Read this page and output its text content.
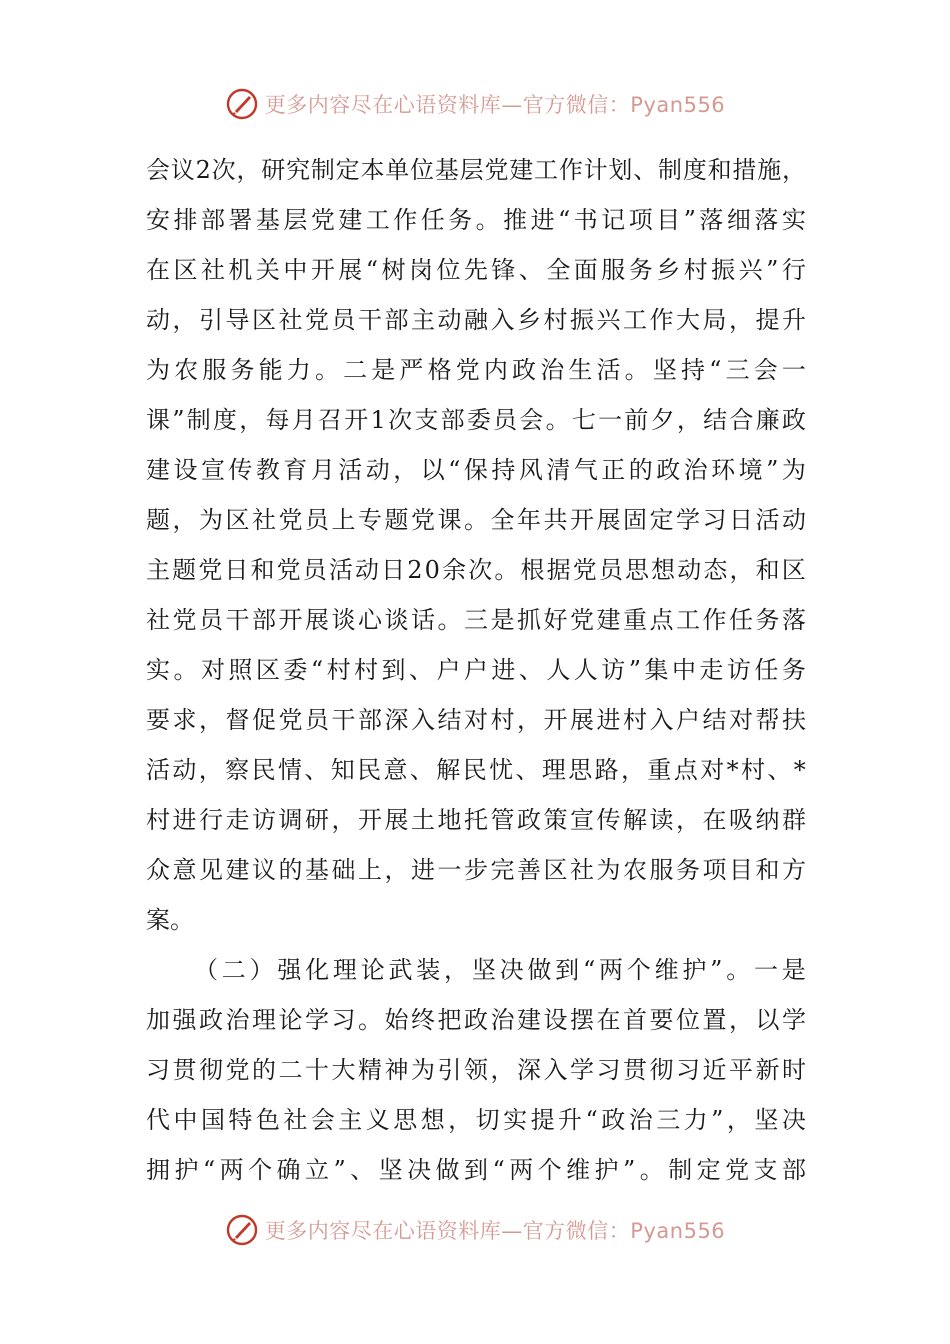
更多内容尽在心语资料库—官方微信：Pyan556
会 议 2 次 ， 研 究 制 定 本 单 位 基 层 党 建 工 作 计 划 、 制 度 和 措 施 ，
安 排 部 署 基 层 党 建 工 作 任 务 。 推 进 “ 书 记 项 目 ” 落 细 落 实
在 区 社 机 关 中 开 展 “ 树 岗 位 先 锋 、 全 面 服 务 乡 村 振 兴 ” 行
动 ， 引 导 区 社 党 员 干 部 主 动 融 入 乡 村 振 兴 工 作 大 局 ， 提 升
为 农 服 务 能 力 。 二 是 严 格 党 内 政 治 生 活 。 坚 持 “ 三 会 一
课 ” 制 度 ， 每 月 召 开 1 次 支 部 委 员 会 。 七 一 前 夕 ， 结 合 廉 政
建 设 宣 传 教 育 月 活 动 ， 以 “ 保 持 风 清 气 正 的 政 治 环 境 ” 为
题 ， 为 区 社 党 员 上 专 题 党 课 。 全 年 共 开 展 固 定 学 习 日 活 动
主 题 党 日 和 党 员 活 动 日 2 0 余 次 。 根 据 党 员 思 想 动 态 ， 和 区
社 党 员 干 部 开 展 谈 心 谈 话 。 三 是 抓 好 党 建 重 点 工 作 任 务 落
实 。 对 照 区 委 “ 村 村 到 、 户 户 进 、 人 人 访 ” 集 中 走 访 任 务
要 求 ， 督 促 党 员 干 部 深 入 结 对 村 ， 开 展 进 村 入 户 结 对 帮 扶
活 动 ， 察 民 情 、 知 民 意 、 解 民 忧 、 理 思 路 ， 重 点 对 * 村 、 *
村 进 行 走 访 调 研 ， 开 展 土 地 托 管 政 策 宣 传 解 读 ， 在 吸 纳 群
众 意 见 建 议 的 基 础 上 ， 进 一 步 完 善 区 社 为 农 服 务 项 目 和 方
案。
（ 二 ） 强 化 理 论 武 装 ， 坚 决 做 到 “ 两 个 维 护 ” 。 一 是
加 强 政 治 理 论 学 习 。 始 终 把 政 治 建 设 摆 在 首 要 位 置 ， 以 学
习 贯 彻 党 的 二 十 大 精 神 为 引 领 ， 深 入 学 习 贯 彻 习 近 平 新 时
代 中 国 特 色 社 会 主 义 思 想 ， 切 实 提 升 “ 政 治 三 力 ” ， 坚 决
拥 护 “ 两 个 确 立 ” 、 坚 决 做 到 “ 两 个 维 护 ” 。 制 定 党 支 部
更多内容尽在心语资料库—官方微信：Pyan556
